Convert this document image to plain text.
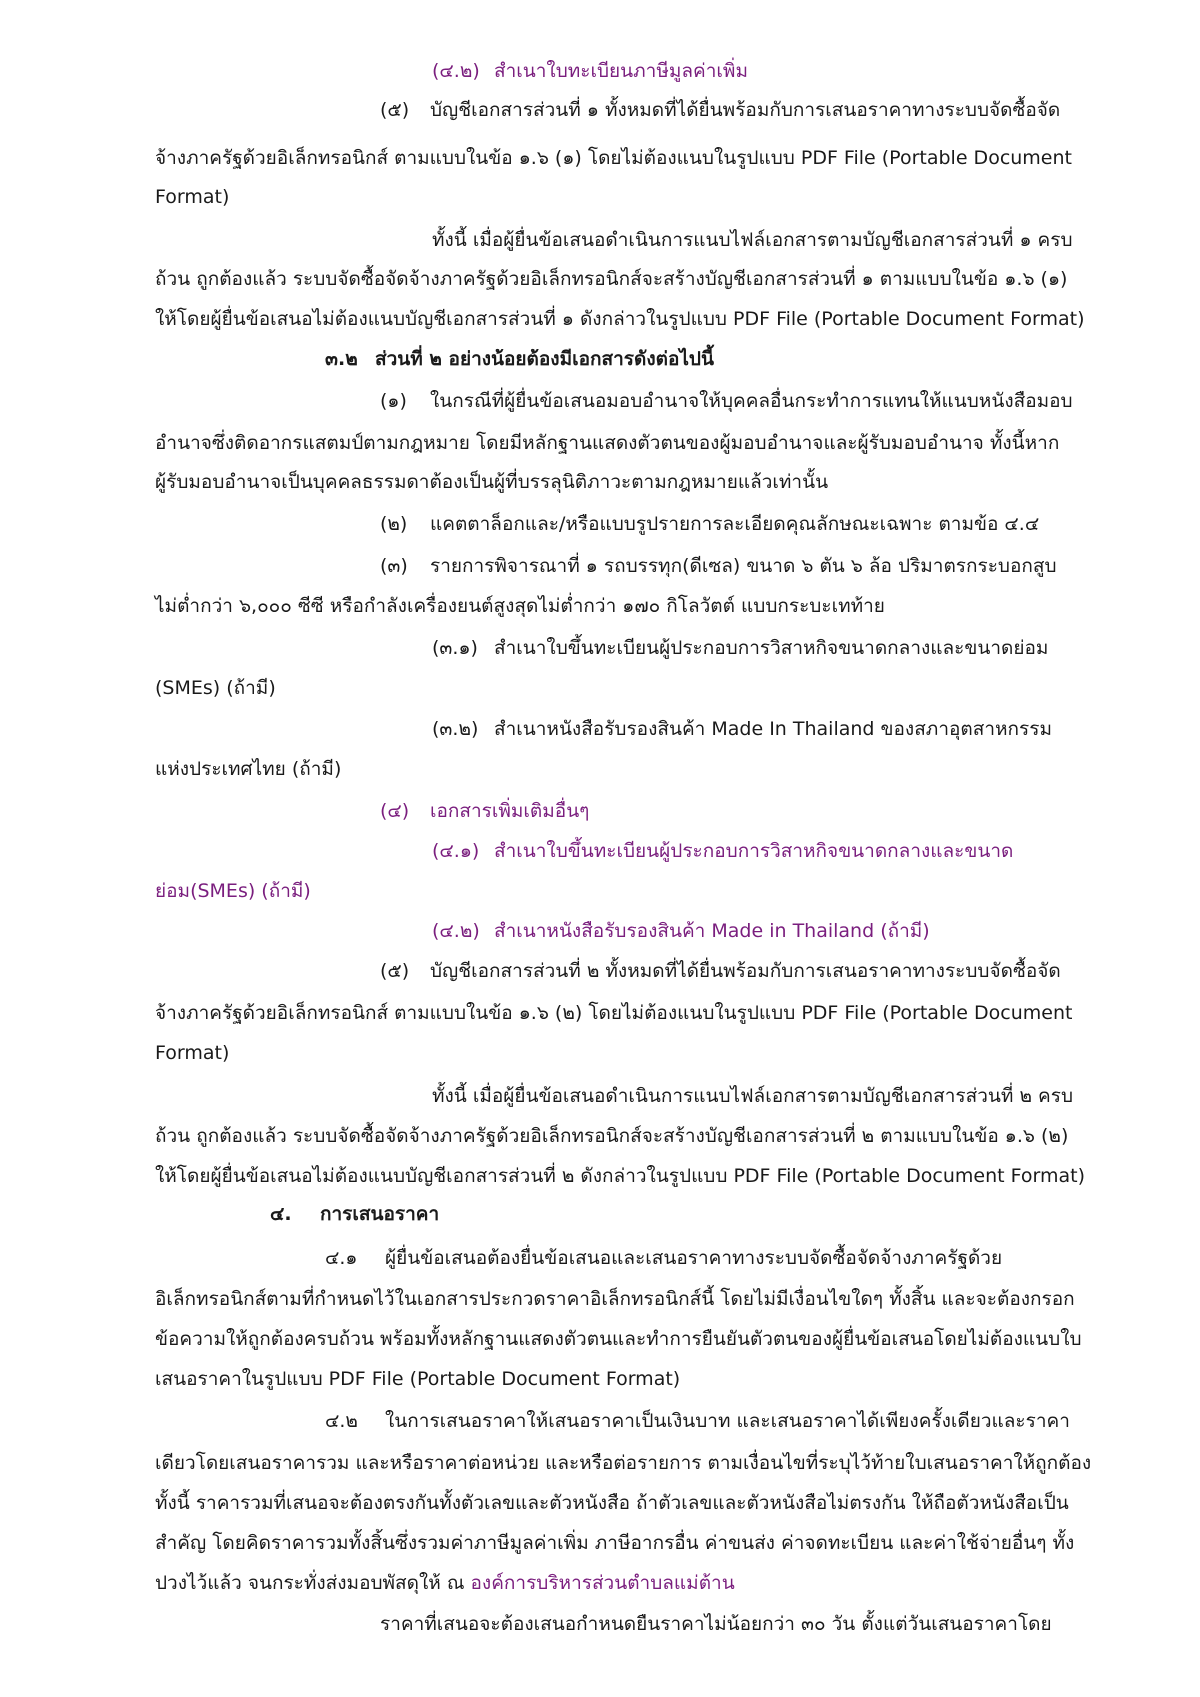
(๔.๒) สำเนาใบทะเบียนภาษีมูลค่าเพิ่ม
(๕) บัญชีเอกสารส่วนที่ ๑ ทั้งหมดที่ได้ยื่นพร้อมกับการเสนอราคาทางระบบจัดซื้อจัด
จ้างภาครัฐด้วยอิเล็กทรอนิกส์ ตามแบบในข้อ ๑.๖ (๑) โดยไม่ต้องแนบในรูปแบบ PDF File (Portable Document
Format)
ทั้งนี้ เมื่อผู้ยื่นข้อเสนอดำเนินการแนบไฟล์เอกสารตามบัญชีเอกสารส่วนที่ ๑ ครบ
ถ้วน ถูกต้องแล้ว ระบบจัดซื้อจัดจ้างภาครัฐด้วยอิเล็กทรอนิกส์จะสร้างบัญชีเอกสารส่วนที่ ๑ ตามแบบในข้อ ๑.๖ (๑)
ให้โดยผู้ยื่นข้อเสนอไม่ต้องแนบบัญชีเอกสารส่วนที่ ๑ ดังกล่าวในรูปแบบ PDF File (Portable Document Format)
๓.๒ ส่วนที่ ๒ อย่างน้อยต้องมีเอกสารดังต่อไปนี้
(๑) ในกรณีที่ผู้ยื่นข้อเสนอมอบอำนาจให้บุคคลอื่นกระทำการแทนให้แนบหนังสือมอบ
อำนาจซึ่งติดอากรแสตมป์ตามกฎหมาย โดยมีหลักฐานแสดงตัวตนของผู้มอบอำนาจและผู้รับมอบอำนาจ ทั้งนี้หาก
ผู้รับมอบอำนาจเป็นบุคคลธรรมดาต้องเป็นผู้ที่บรรลุนิติภาวะตามกฎหมายแล้วเท่านั้น
(๒) แคตตาล็อกและ/หรือแบบรูปรายการละเอียดคุณลักษณะเฉพาะ ตามข้อ ๔.๔
(๓) รายการพิจารณาที่ ๑ รถบรรทุก(ดีเซล) ขนาด ๖ ตัน ๖ ล้อ ปริมาตรกระบอกสูบ
ไม่ต่ำกว่า ๖,๐๐๐ ซีซี หรือกำลังเครื่องยนต์สูงสุดไม่ต่ำกว่า ๑๗๐ กิโลวัตต์ แบบกระบะเทท้าย
(๓.๑) สำเนาใบขึ้นทะเบียนผู้ประกอบการวิสาหกิจขนาดกลางและขนาดย่อม
(SMEs) (ถ้ามี)
(๓.๒) สำเนาหนังสือรับรองสินค้า Made In Thailand ของสภาอุตสาหกรรม
แห่งประเทศไทย (ถ้ามี)
(๔) เอกสารเพิ่มเติมอื่นๆ
(๔.๑) สำเนาใบขึ้นทะเบียนผู้ประกอบการวิสาหกิจขนาดกลางและขนาด
ย่อม(SMEs) (ถ้ามี)
(๔.๒) สำเนาหนังสือรับรองสินค้า Made in Thailand (ถ้ามี)
(๕) บัญชีเอกสารส่วนที่ ๒ ทั้งหมดที่ได้ยื่นพร้อมกับการเสนอราคาทางระบบจัดซื้อจัด
จ้างภาครัฐด้วยอิเล็กทรอนิกส์ ตามแบบในข้อ ๑.๖ (๒) โดยไม่ต้องแนบในรูปแบบ PDF File (Portable Document
Format)
ทั้งนี้ เมื่อผู้ยื่นข้อเสนอดำเนินการแนบไฟล์เอกสารตามบัญชีเอกสารส่วนที่ ๒ ครบ
ถ้วน ถูกต้องแล้ว ระบบจัดซื้อจัดจ้างภาครัฐด้วยอิเล็กทรอนิกส์จะสร้างบัญชีเอกสารส่วนที่ ๒ ตามแบบในข้อ ๑.๖ (๒)
ให้โดยผู้ยื่นข้อเสนอไม่ต้องแนบบัญชีเอกสารส่วนที่ ๒ ดังกล่าวในรูปแบบ PDF File (Portable Document Format)
๔. การเสนอราคา
๔.๑ ผู้ยื่นข้อเสนอต้องยื่นข้อเสนอและเสนอราคาทางระบบจัดซื้อจัดจ้างภาครัฐด้วย
อิเล็กทรอนิกส์ตามที่กำหนดไว้ในเอกสารประกวดราคาอิเล็กทรอนิกส์นี้ โดยไม่มีเงื่อนไขใดๆ ทั้งสิ้น และจะต้องกรอก
ข้อความให้ถูกต้องครบถ้วน พร้อมทั้งหลักฐานแสดงตัวตนและทำการยืนยันตัวตนของผู้ยื่นข้อเสนอโดยไม่ต้องแนบใบ
เสนอราคาในรูปแบบ PDF File (Portable Document Format)
๔.๒ ในการเสนอราคาให้เสนอราคาเป็นเงินบาท และเสนอราคาได้เพียงครั้งเดียวและราคา
เดียวโดยเสนอราคารวม และหรือราคาต่อหน่วย และหรือต่อรายการ ตามเงื่อนไขที่ระบุไว้ท้ายใบเสนอราคาให้ถูกต้อง
ทั้งนี้ ราคารวมที่เสนอจะต้องตรงกันทั้งตัวเลขและตัวหนังสือ ถ้าตัวเลขและตัวหนังสือไม่ตรงกัน ให้ถือตัวหนังสือเป็น
สำคัญ โดยคิดราคารวมทั้งสิ้นซึ่งรวมค่าภาษีมูลค่าเพิ่ม ภาษีอากรอื่น ค่าขนส่ง ค่าจดทะเบียน และค่าใช้จ่ายอื่นๆ ทั้ง
ปวงไว้แล้ว จนกระทั่งส่งมอบพัสดุให้ ณ องค์การบริหารส่วนตำบลแม่ต้าน
ราคาที่เสนอจะต้องเสนอกำหนดยืนราคาไม่น้อยกว่า ๓๐ วัน ตั้งแต่วันเสนอราคาโดย
